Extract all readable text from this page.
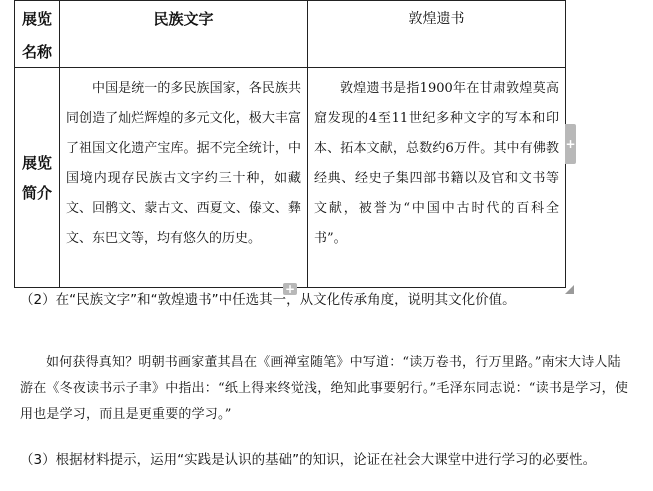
展览
名称	民族文字	敦煌遗书

展览
简介	中国是统一的多民族国家，各民族共同创造了灿烂辉煌的多元文化，极大丰富了祖国文化遗产宝库。据不完全统计，中国境内现存民族古文字约三十种，如藏文、回鹘文、蒙古文、西夏文、傣文、彝文、东巴文等，均有悠久的历史。	敦煌遗书是指1900年在甘肃敦煌莫高窟发现的4至11世纪多种文字的写本和印本、拓本文献，总数约6万件。其中有佛教经典、经史子集四部书籍以及官和文书等文献，被誉为“中国中古时代的百科全书”。
+
+
（2）在“民族文字”和“敦煌遗书”中任选其一，从文化传承角度，说明其文化价值。
如何获得真知？明朝书画家董其昌在《画禅室随笔》中写道：“读万卷书，行万里路。”南宋大诗人陆游在《冬夜读书示子聿》中指出：“纸上得来终觉浅，绝知此事要躬行。”毛泽东同志说：“读书是学习，使用也是学习，而且是更重要的学习。”
（3）根据材料提示，运用“实践是认识的基础”的知识，论证在社会大课堂中进行学习的必要性。
